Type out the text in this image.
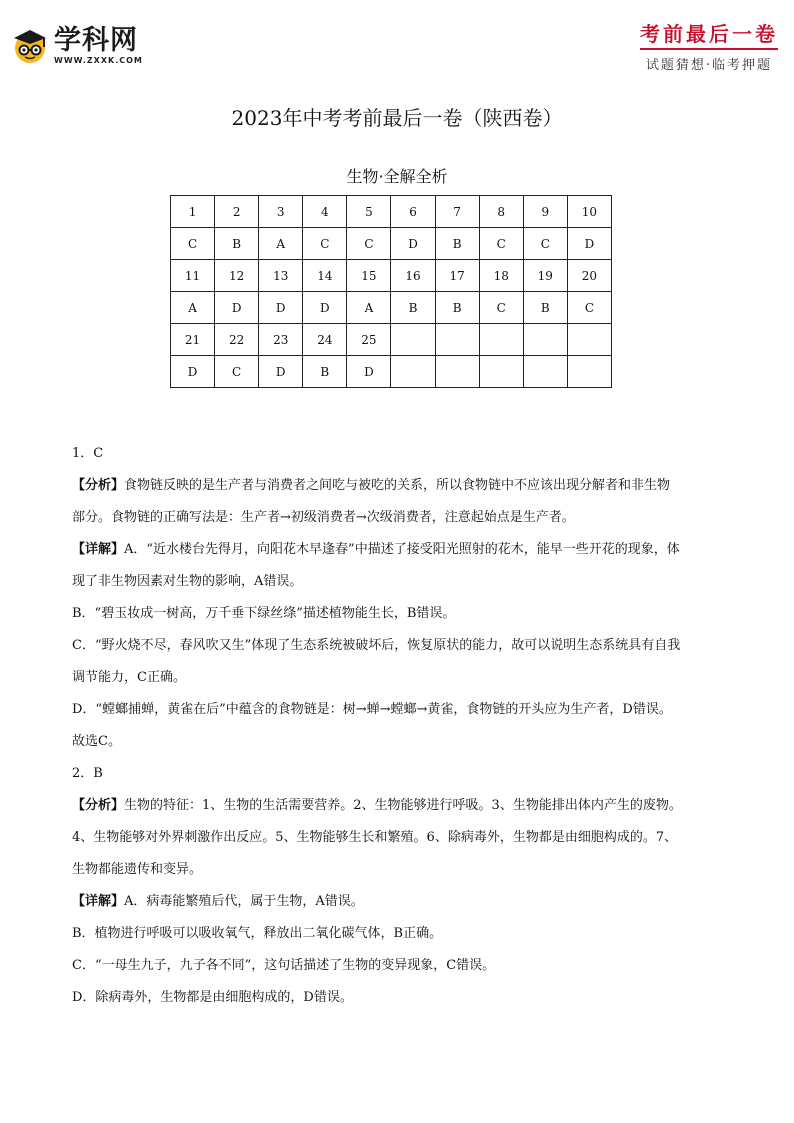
学科网
WWW.ZXXK.COM
考前最后一卷
试题猜想·临考押题
2023年中考考前最后一卷（陕西卷）
生物·全解全析
1	2	3	4	5	6	7	8	9	10
C	B	A	C	C	D	B	C	C	D
11	12	13	14	15	16	17	18	19	20
A	D	D	D	A	B	B	C	B	C
21	22	23	24	25					
D	C	D	B	D					
1．C
【分析】食物链反映的是生产者与消费者之间吃与被吃的关系，所以食物链中不应该出现分解者和非生物
部分。食物链的正确写法是：生产者→初级消费者→次级消费者，注意起始点是生产者。
【详解】A．“近水楼台先得月，向阳花木早逢春”中描述了接受阳光照射的花木，能早一些开花的现象，体
现了非生物因素对生物的影响，A错误。
B．“碧玉妆成一树高，万千垂下绿丝绦”描述植物能生长，B错误。
C．“野火烧不尽，春风吹又生”体现了生态系统被破坏后，恢复原状的能力，故可以说明生态系统具有自我
调节能力，C正确。
D．“螳螂捕蝉，黄雀在后”中蕴含的食物链是：树→蝉→螳螂→黄雀，食物链的开头应为生产者，D错误。
故选C。
2．B
【分析】生物的特征：1、生物的生活需要营养。2、生物能够进行呼吸。3、生物能排出体内产生的废物。
4、生物能够对外界刺激作出反应。5、生物能够生长和繁殖。6、除病毒外，生物都是由细胞构成的。7、
生物都能遗传和变异。
【详解】A．病毒能繁殖后代，属于生物，A错误。
B．植物进行呼吸可以吸收氧气，释放出二氧化碳气体，B正确。
C．“一母生九子，九子各不同”，这句话描述了生物的变异现象，C错误。
D．除病毒外，生物都是由细胞构成的，D错误。
